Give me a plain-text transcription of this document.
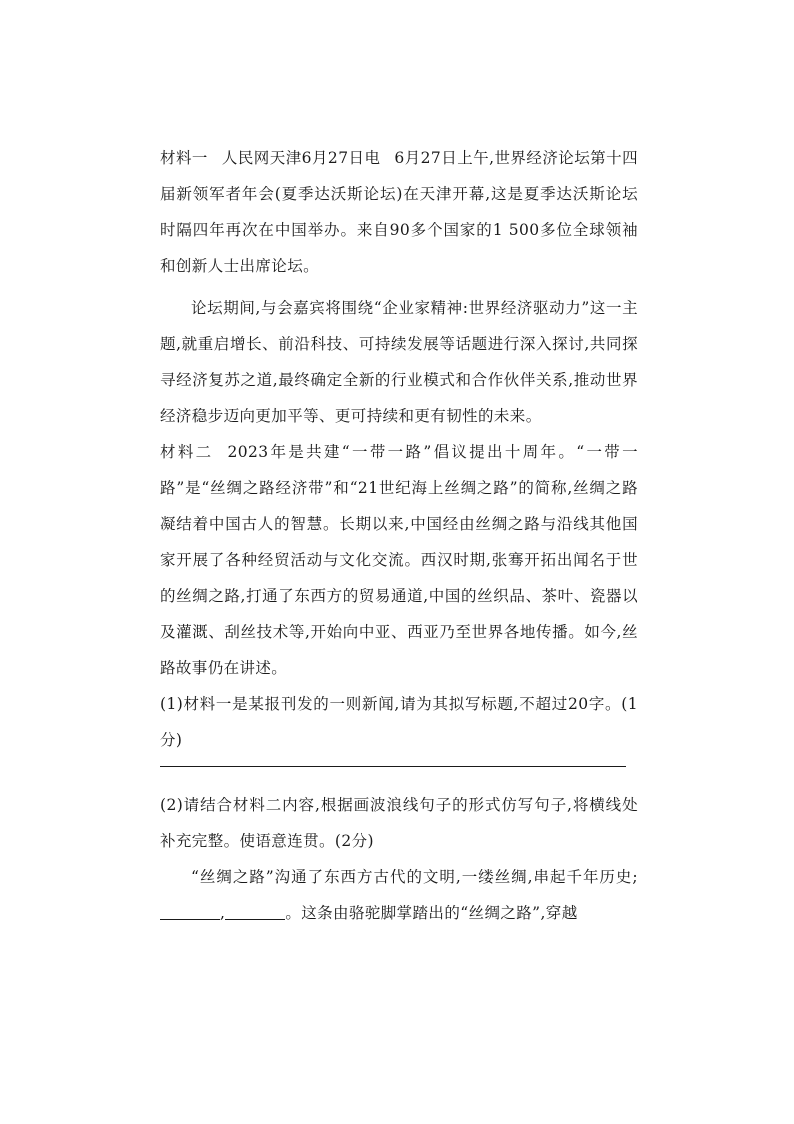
材料一 人民网天津6月27日电 6月27日上午,世界经济论坛第十四届新领军者年会(夏季达沃斯论坛)在天津开幕,这是夏季达沃斯论坛时隔四年再次在中国举办。来自90多个国家的1 500多位全球领袖和创新人士出席论坛。

论坛期间,与会嘉宾将围绕“企业家精神:世界经济驱动力”这一主题,就重启增长、前沿科技、可持续发展等话题进行深入探讨,共同探寻经济复苏之道,最终确定全新的行业模式和合作伙伴关系,推动世界经济稳步迈向更加平等、更可持续和更有韧性的未来。

材料二 2023年是共建“一带一路”倡议提出十周年。“一带一路”是“丝绸之路经济带”和“21世纪海上丝绸之路”的简称,丝绸之路凝结着中国古人的智慧。长期以来,中国经由丝绸之路与沿线其他国家开展了各种经贸活动与文化交流。西汉时期,张骞开拓出闻名于世的丝绸之路,打通了东西方的贸易通道,中国的丝织品、茶叶、瓷器以及灌溉、刮丝技术等,开始向中亚、西亚乃至世界各地传播。如今,丝路故事仍在讲述。

(1)材料一是某报刊发的一则新闻,请为其拟写标题,不超过20字。(1分)

(2)请结合材料二内容,根据画波浪线句子的形式仿写句子,将横线处补充完整。使语意连贯。(2分)

“丝绸之路”沟通了东西方古代的文明,一缕丝绸,串起千年历史;,	。这条由骆驼脚掌踏出的“丝绸之路”,穿越
